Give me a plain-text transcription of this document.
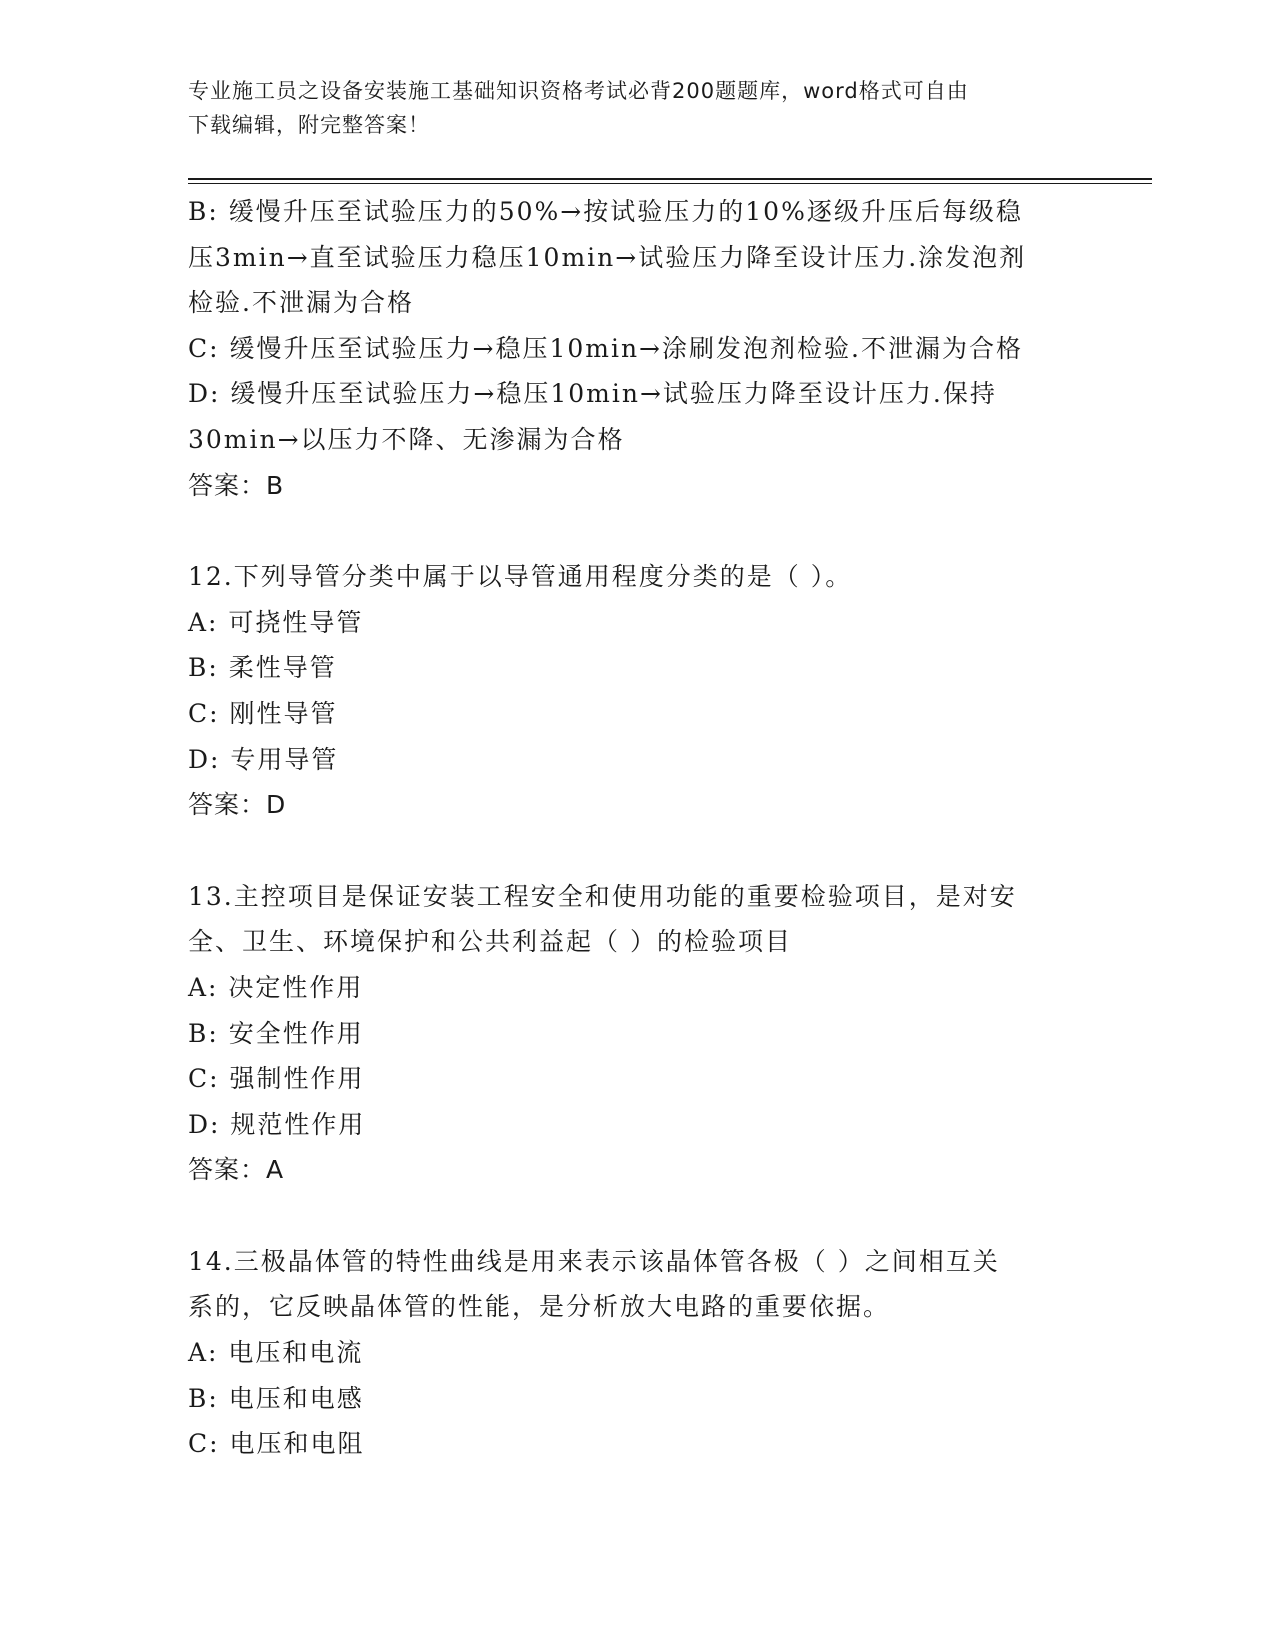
专业施工员之设备安装施工基础知识资格考试必背200题题库，word格式可自由
下载编辑，附完整答案！
B: 缓慢升压至试验压力的50%→按试验压力的10%逐级升压后每级稳
压3min→直至试验压力稳压10min→试验压力降至设计压力.涂发泡剂
检验.不泄漏为合格
C: 缓慢升压至试验压力→稳压10min→涂刷发泡剂检验.不泄漏为合格
D: 缓慢升压至试验压力→稳压10min→试验压力降至设计压力.保持
30min→以压力不降、无渗漏为合格
答案：B
12.下列导管分类中属于以导管通用程度分类的是（ ）。
A: 可挠性导管
B: 柔性导管
C: 刚性导管
D: 专用导管
答案：D
13.主控项目是保证安装工程安全和使用功能的重要检验项目，是对安
全、卫生、环境保护和公共利益起（ ）的检验项目
A: 决定性作用
B: 安全性作用
C: 强制性作用
D: 规范性作用
答案：A
14.三极晶体管的特性曲线是用来表示该晶体管各极（ ）之间相互关
系的，它反映晶体管的性能，是分析放大电路的重要依据。
A: 电压和电流
B: 电压和电感
C: 电压和电阻
